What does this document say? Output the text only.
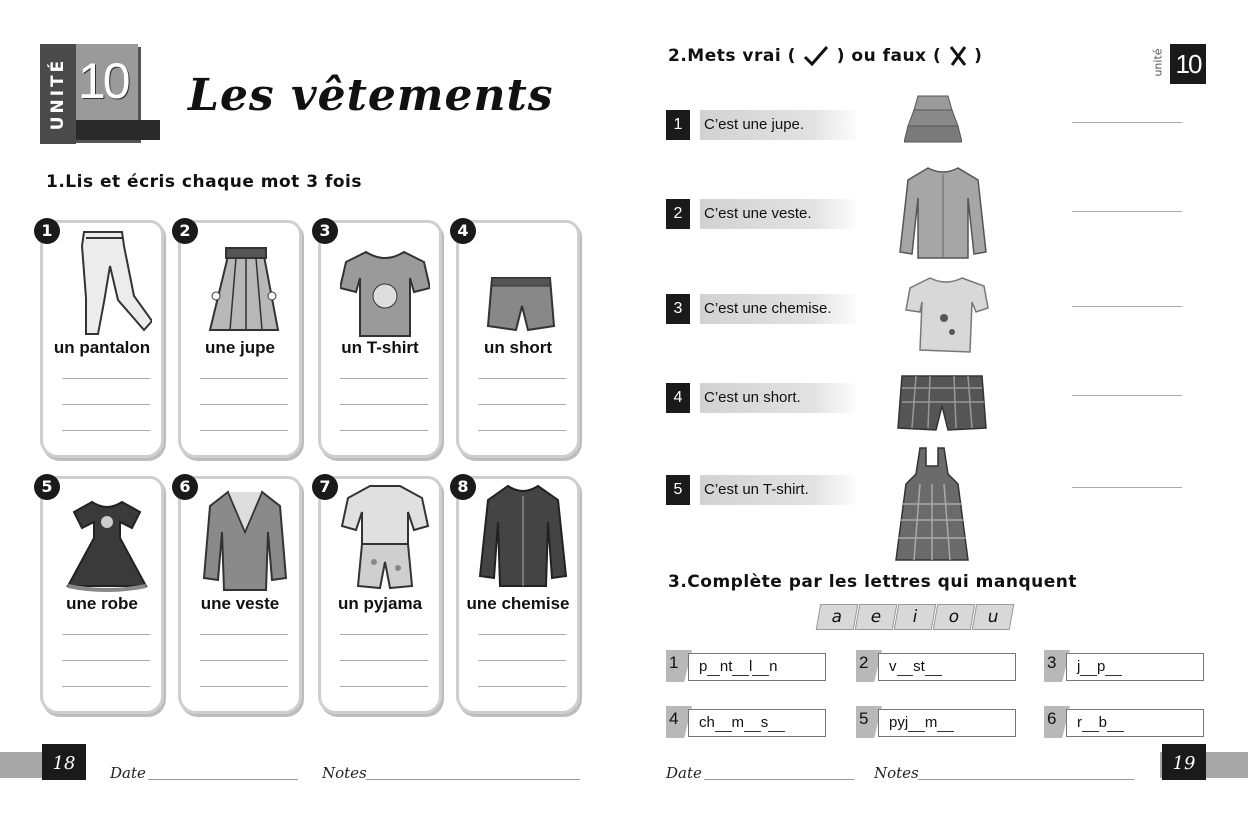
UNITÉ 10 Les vêtements
1.Lis et écris chaque mot 3 fois
1
un pantalon
2
une jupe
3
un T-shirt
4
un short
5
une robe
6
une veste
7
un pyjama
8
une chemise
18	Date	Notes
2.Mets vrai ( ) ou faux ( )	unité 10
1	C’est une jupe.
2	C’est une veste.
3	C’est une chemise.
4	C’est un short.
5	C’est un T-shirt.
3.Complète par les lettres qui manquent
a	e	i	o	u
1	p nt l n	2	v st	3	j p
4	ch m s	5	pyj m	6	r b
Date	Notes	19
